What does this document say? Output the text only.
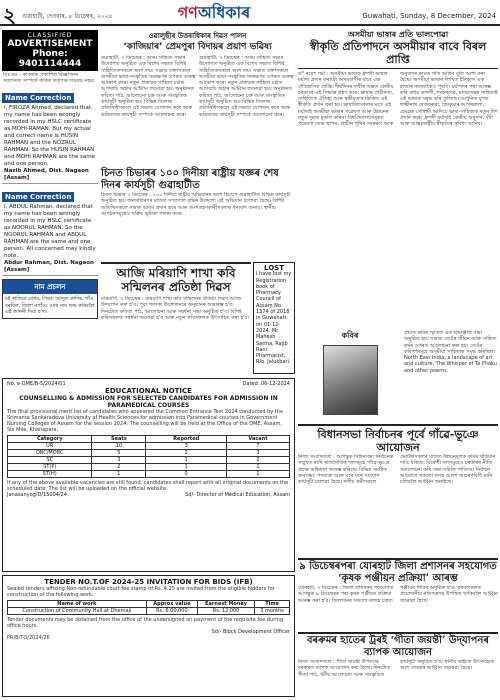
২ গুৱাহাটী, দেওবাৰ, ৮ ডিচেম্বৰ, ২০২৪	গণঅধিকাৰ	Guwahati, Sunday, 8 December, 2024
CLASSIFIED
ADVERTISEMENT
Phone: 9401114444
বিঃ দ্ৰঃ - কাকতত প্ৰকাশিত বিজ্ঞাপনৰ সত্যাসত্য সম্পৰ্কে কাকত কৰ্তৃপক্ষ দায়বদ্ধ নহয়।
Name Correction
I, FIROZA Ahmed, declared that my name has been wrongly recorded in my HSLC certificate as MOHI-RAMAN. But my actual and correct name is HUSIN RAHMAN and the NOZRUL RAHMAN. So the HUSIN RAHMAN and MOHI RAHMAN are the same and one person.
Nazib Ahmed, Dist. Nagaon [Assam]
Name Correction
I, ABDUL Rahman, declared that my name has been wrongly recorded in my HSLC certificate as NOORUL RAHMAN. So the NOORUL RAHMAN and ABDUL RAHMAN are the same and one person. All concerned may kindly note.
Abdur Rahman, Dist. Nagaon [Assam]
নাম প্ৰচলন
মই ৰাজিয়া বেগম, পিতা: আব্দুল কাদিৰ, গাঁও বৰবিল, জিলা নগাঁও। মোৰ নাম শুদ্ধ কৰিবলৈ এই জাননী দিয়া হ'ল।
ওৱালুছীৰ উত্তৰাধিকাৰ দিৱস পালন
‘কাজিয়াৰ’ প্ৰেমপুৰা বিদায়ৰ প্ৰয়াণ ভৱিষ্য
গুৱাহাটী, ৭ ডিচেম্বৰ : অসম সাহিত্য সভাৰ উদ্যোগত অনুষ্ঠিত এক বিশেষ সভাত বিশিষ্ট সাহিত্যিকসকলে অংশ লয়। সভাত বক্তাসকলে অসমীয়া ভাষা-সংস্কৃতিৰ সংৰক্ষণৰ ওপৰত গুৰুত্ব আৰোপ কৰে। নতুন প্ৰজন্মক সাহিত্য চৰ্চাত আগবাঢ়ি অহাৰ আহ্বান জনোৱা হয়। অনুষ্ঠানত কবিতা পাঠ, আলোচনা চক্ৰ আৰু সাংস্কৃতিক কাৰ্যসূচী অনুষ্ঠিত হয়। বিভিন্ন জিলাৰ প্ৰতিনিধিসকলে এই সভাত যোগদান কৰে আৰু ভৱিষ্যতৰ কাৰ্যসূচী সম্পৰ্কে আলোচনা কৰে।
গুৱাহাটী, ৭ ডিচেম্বৰ : অসম সাহিত্য সভাৰ উদ্যোগত অনুষ্ঠিত এক বিশেষ সভাত বিশিষ্ট সাহিত্যিকসকলে অংশ লয়। সভাত বক্তাসকলে অসমীয়া ভাষা-সংস্কৃতিৰ সংৰক্ষণৰ ওপৰত গুৰুত্ব আৰোপ কৰে। নতুন প্ৰজন্মক সাহিত্য চৰ্চাত আগবাঢ়ি অহাৰ আহ্বান জনোৱা হয়। অনুষ্ঠানত কবিতা পাঠ, আলোচনা চক্ৰ আৰু সাংস্কৃতিক কাৰ্যসূচী অনুষ্ঠিত হয়। বিভিন্ন জিলাৰ প্ৰতিনিধিসকলে এই সভাত যোগদান কৰে আৰু ভৱিষ্যতৰ কাৰ্যসূচী সম্পৰ্কে আলোচনা কৰে।
চিনত চিভাৰৰ ১০০ দিনীয়া ৰাষ্ট্ৰীয় যজ্ঞৰ শেষ দিনৰ কাৰ্যসূচী গুৱাহাটীত
চিনত চিভাৰ ৭ ডিচেম্বৰ : ১০০ দিনীয়া ৰাষ্ট্ৰীয় অভিযানৰ অংশ হিচাপে গুৱাহাটীত বিভিন্ন কাৰ্যসূচী অনুষ্ঠিত হয়। জনসাধাৰণৰ মাজত সজাগতা বৃদ্ধিৰ উদ্দেশ্যে এই অভিযান চলোৱা হৈছে। বিশিষ্ট অতিথিসকলে সভাত ভাষণ প্ৰদান কৰে আৰু অংশগ্ৰহণকাৰীসকলক ধন্যবাদ জনায়। স্থানীয় সংগঠনসমূহেও সক্ৰিয় ভূমিকা পালন কৰে।
আজি মৰিয়াণি শাখা কবি সন্মিলনৰ প্ৰতিষ্ঠা দিৱস
মৰিয়াণি, ৭ ডিচেম্বৰ : মৰিয়াণি শাখা কবি সন্মিলনৰ প্ৰতিষ্ঠা দিৱস আজি উদযাপন কৰা হ'ব। পুৱা পতাকা উত্তোলনৰে অনুষ্ঠানৰ শুভাৰম্ভ হ'ব। দিনটোত কবিতা পাঠ, আলোচনা আৰু সম্বৰ্ধনা সভা অনুষ্ঠিত হ'ব। বিশিষ্ট কবিসকলক সম্বৰ্ধনা জনোৱা হ'ব আৰু নতুন কবিসকলক উৎসাহিত কৰা হ'ব।
LOST
I have lost my Registration book of Pharmacy Council of Assam No. 1374 of 2018 in Guwahati on 01-12-2024. Mr. Mahesh Sarma, Rajib Rani Pharmacist, R/o. Jalukbari.
অসমীয়া ভাষাৰ প্ৰতি ভালপোৱা
স্বীকৃতি প্ৰতিপাদনে অসমীয়াৰ বাবে বিৰল প্ৰাপ্তি
ড° ৰমেশ শৰ্মা : অসমীয়া ভাষাক ধ্ৰুপদী ভাষাৰ মৰ্যাদা প্ৰদান কৰাটো অসমবাসীৰ বাবে এক ঐতিহাসিক প্ৰাপ্তি। দীৰ্ঘদিনৰ দাবীৰ অন্তত কেন্দ্ৰীয় চৰকাৰে এই সিদ্ধান্ত গ্ৰহণ কৰে। ভাষাৰ প্ৰাচীনতা, সাহিত্যিক ঐতিহ্য আৰু স্বকীয়তাৰ ভিত্তিত এই স্বীকৃতি প্ৰদান কৰা হয়। ভাষাবিদসকলৰ মতে এই মৰ্যাদাই অসমীয়া ভাষাৰ গৱেষণা আৰু উন্নয়নৰ নতুন দুৱাৰ মুকলি কৰিব। বিশ্ববিদ্যালয়সমূহত গৱেষণা কেন্দ্ৰ স্থাপন, প্ৰাচীন পুথিৰ সংৰক্ষণ আৰু অনুবাদৰ কামত গতি আহিব বুলি আশা কৰা হৈছে। অসমীয়া ভাষাৰ লিখিত ইতিহাস এক হাজাৰ বছৰতকৈও পুৰণি। চৰ্যাপদৰ পৰা আৰম্ভ কৰি মাধৱ কন্দলী, শংকৰদেৱ, মাধৱদেৱৰ সাহিত্যই এই ভাষাক সমৃদ্ধ কৰি তুলিছে। আধুনিক যুগত লক্ষ্মীনাথ বেজবৰুৱা, চন্দ্ৰকুমাৰ আগৰৱালা, হেমচন্দ্ৰ গোস্বামী আদিয়ে ভাষা-সাহিত্যক নতুন দিশ প্ৰদান কৰে। ধ্ৰুপদী মৰ্যাদাই কেন্দ্ৰীয় অনুদান, বঁটা আৰু আন্তঃৰাষ্ট্ৰীয় স্বীকৃতিৰ সুবিধা আনিব।
কবিৰ	প্ৰয়াত কবিৰ স্মৃতিত এক শ্ৰদ্ধাঞ্জলি সভা অনুষ্ঠিত হয়। সভাত তেওঁৰ জীৱন আৰু সাহিত্য কৰ্মৰ ওপৰত আলোচনা কৰা হয়। তেওঁৰ কবিতাসমূহে অসমীয়া সাহিত্যক সমৃদ্ধ কৰিছিল। North East India, a landscape of art and culture, The Whisper of Ta Phaku and other poems.
বিধানসভা নিৰ্বাচনৰ পূৰ্বে গাঁৱে-ভূঞে আয়োজন
নিজা সংবাদদাতা : আগন্তুক বিধানসভা নিৰ্বাচনক সন্মুখত ৰাখি ৰাজনৈতিক দলসমূহে গাঁৱে-ভূঞে প্ৰচাৰ অভিযান আৰম্ভ কৰিছে। বিভিন্ন সমষ্টিত জনসভা, পদযাত্ৰা আৰু ঘৰে ঘৰে সংযোগ কাৰ্যসূচী চলোৱা হৈছে। দলীয় কৰ্মীসকলে ভোটাৰসকলৰ মাজত উন্নয়নমূলক কাৰ্যৰ খতিয়ান দাঙি ধৰিছে। বিৰোধী দলসমূহেও চৰকাৰৰ নীতি সমালোচনা কৰি সভা-সমিতি পাতিছে। নিৰ্বাচন আয়োগে সকলো দলক আদৰ্শ আচৰণবিধি মানি চলিবলৈ আহ্বান জনাইছে।
No. e-DME/B-5/2024/01	Dated: 06-12-2024
EDUCATIONAL NOTICE
COUNSELLING & ADMISSION FOR SELECTED CANDIDATES FOR ADMISSION IN PARAMEDICAL COURSES
The final provisional merit list of candidates who appeared the Common Entrance Test 2024 conducted by the Srimanta Sankaradeva University of Health Sciences for admission into Paramedical courses in Government Nursing Colleges of Assam for the session 2024. The counselling will be held at the Office of the DME, Assam, Six Mile, Khanapara.
Category	Seats	Reported	Vacant
UR	10	3	7
OBC/MOBC	5	2	3
SC	3	1	2
ST(P)	2	1	1
ST(H)	1	0	1
If any of the above available vacancies are still found, candidates shall report with all original documents on the scheduled date. The list will be uploaded on the official website.
Janasanyog/D/15004/24	Sd/- Director of Medical Education, Assam
TENDER NO.T.OF 2024-25 INVITATION FOR BIDS (IFB)
Sealed tenders affixing Non-refundable court fee stamp of Rs. 4.25 are invited from the eligible bidders for construction of the following work.
Name of work	Approx value	Earnest Money	Time
Construction of Community Hall at Dhemaji	Rs. 6,00,000	Rs. 12,000	3 months
Tender documents may be obtained from the office of the undersigned on payment of the requisite fee during office hours.
Sd/- Block Development Officer
PR/B/TO/2024/26
৯ ডিচেম্বৰপৰা যোৰহাট জিলা প্ৰশাসনৰ সহযোগত ‘কৃষক পঞ্জীয়ন প্ৰক্ৰিয়া’ আৰম্ভ
যোৰহাট, ৭ ডিচেম্বৰ : জিলা প্ৰশাসনৰ সহযোগত আগন্তুক ৯ ডিচেম্বৰৰ পৰা কৃষক পঞ্জীয়ন প্ৰক্ৰিয়া আৰম্ভ কৰা হ'ব। জিলাখনৰ সকলো ৰাজহ চক্ৰত পঞ্জীয়ন শিবিৰ অনুষ্ঠিত হ'ব। কৃষকসকলক প্ৰয়োজনীয় নথিপত্ৰসহ উপস্থিত থাকিবলৈ আহ্বান জনোৱা হৈছে।
বৰৰুমৰ হাতেৰ ট্ৰৰই ‘গীতা জয়ন্তী’ উদ্‌যাপনৰ ব্যাপক আয়োজন
নিজা সংবাদদাতা : গীতা জয়ন্তী উপলক্ষে বৰৰুমত ব্যাপক আয়োজন কৰা হৈছে। দিনটোত গীতা পাঠ, ধৰ্মীয় আলোচনা আৰু সাংস্কৃতিক কাৰ্যসূচী অনুষ্ঠিত হ'ব। স্থানীয় ৰাইজে উৎসাহেৰে অংশ লোৱাৰ আহ্বান জনোৱা হৈছে।
